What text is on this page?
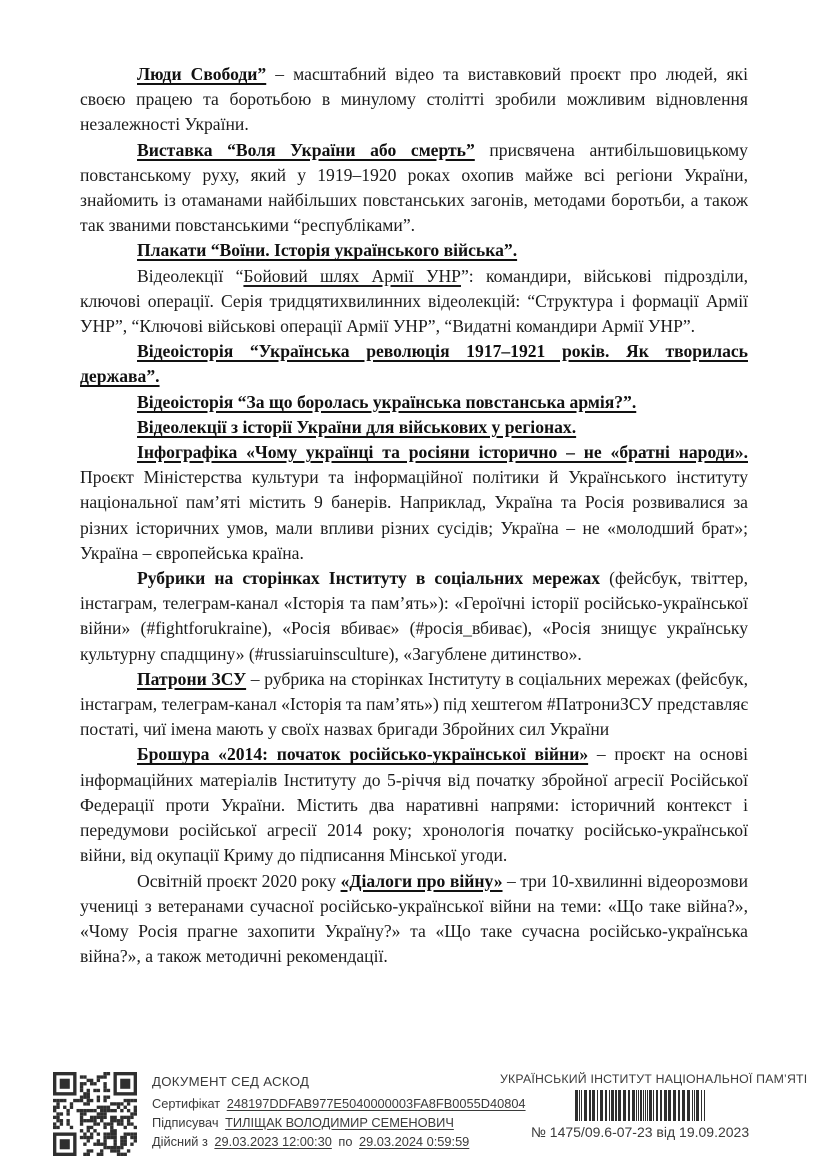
Люди Свободи” – масштабний відео та виставковий проєкт про людей, які своєю працею та боротьбою в минулому столітті зробили можливим відновлення незалежності України.

Виставка “Воля України або смерть” присвячена антибільшовицькому повстанському руху, який у 1919–1920 роках охопив майже всі регіони України, знайомить із отаманами найбільших повстанських загонів, методами боротьби, а також так званими повстанськими “республіками”.

Плакати “Воїни. Історія українського війська”.

Відеолекції “Бойовий шлях Армії УНР”: командири, військові підрозділи, ключові операції. Серія тридцятихвилинних відеолекцій: “Структура і формації Армії УНР”, “Ключові військові операції Армії УНР”, “Видатні командири Армії УНР”.

Відеоісторія “Українська революція 1917–1921 років. Як творилась держава”.

Відеоісторія “За що боролась українська повстанська армія?”.

Відеолекції з історії України для військових у регіонах.

Інфографіка «Чому українці та росіяни історично – не «братні народи». Проєкт Міністерства культури та інформаційної політики й Українського інституту національної пам’яті містить 9 банерів. Наприклад, Україна та Росія розвивалися за різних історичних умов, мали впливи різних сусідів; Україна – не «молодший брат»; Україна – європейська країна.

Рубрики на сторінках Інституту в соціальних мережах (фейсбук, твіттер, інстаграм, телеграм-канал «Історія та пам’ять»): «Героїчні історії російсько-української війни» (#fightforukraine), «Росія вбиває» (#росія_вбиває), «Росія знищує українську культурну спадщину» (#russiaruinsculture), «Загублене дитинство».

Патрони ЗСУ – рубрика на сторінках Інституту в соціальних мережах (фейсбук, інстаграм, телеграм-канал «Історія та пам’ять») під хештегом #ПатрониЗСУ представляє постаті, чиї імена мають у своїх назвах бригади Збройних сил України

Брошура «2014: початок російсько-української війни» – проєкт на основі інформаційних матеріалів Інституту до 5-річчя від початку збройної агресії Російської Федерації проти України. Містить два наративні напрями: історичний контекст і передумови російської агресії 2014 року; хронологія початку російсько-української війни, від окупації Криму до підписання Мінської угоди.

Освітній проєкт 2020 року «Діалоги про війну» – три 10-хвилинні відеорозмови учениці з ветеранами сучасної російсько-української війни на теми: «Що таке війна?», «Чому Росія прагне захопити Україну?» та «Що таке сучасна російсько-українська війна?», а також методичні рекомендації.

ДОКУМЕНТ СЕД АСКОД
Сертифікат 248197DDFAB977E5040000003FA8FB0055D40804
Підписувач ТИЛІЩАК ВОЛОДИМИР СЕМЕНОВИЧ
Дійсний з 29.03.2023 12:00:30 по 29.03.2024 0:59:59
УКРАЇНСЬКИЙ ІНСТИТУТ НАЦІОНАЛЬНОЇ ПАМ’ЯТІ
№ 1475/09.6-07-23 від 19.09.2023
